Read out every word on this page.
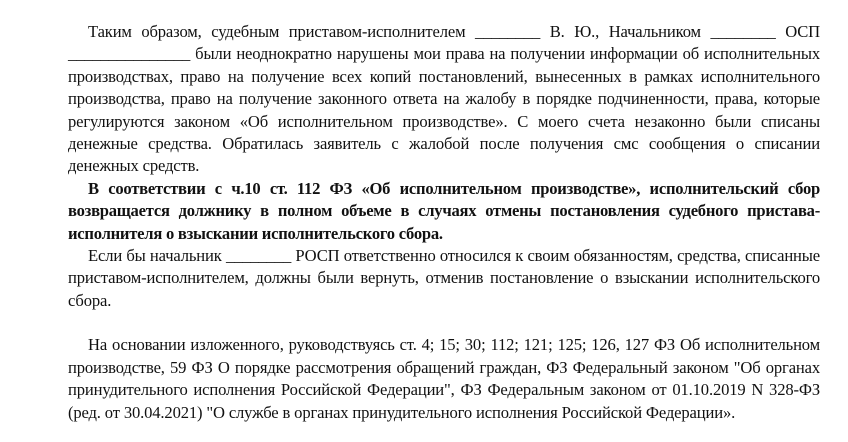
Таким образом, судебным приставом-исполнителем ________ В. Ю., Начальником ________ ОСП _______________ были неоднократно нарушены мои права на получении информации об исполнительных производствах, право на получение всех копий постановлений, вынесенных в рамках исполнительного производства, право на получение законного ответа на жалобу в порядке подчиненности, права, которые регулируются законом «Об исполнительном производстве». С моего счета незаконно были списаны денежные средства. Обратилась заявитель с жалобой после получения смс сообщения о списании денежных средств.

В соответствии с ч.10 ст. 112 ФЗ «Об исполнительном производстве», исполнительский сбор возвращается должнику в полном объеме в случаях отмены постановления судебного пристава-исполнителя о взыскании исполнительского сбора.

Если бы начальник ________ РОСП ответственно относился к своим обязанностям, средства, списанные приставом-исполнителем, должны были вернуть, отменив постановление о взыскании исполнительского сбора.

На основании изложенного, руководствуясь ст. 4; 15; 30; 112; 121; 125; 126, 127 ФЗ Об исполнительном производстве, 59 ФЗ О порядке рассмотрения обращений граждан, ФЗ Федеральный законом "Об органах принудительного исполнения Российской Федерации", ФЗ Федеральным законом от 01.10.2019 N 328-ФЗ (ред. от 30.04.2021) "О службе в органах принудительного исполнения Российской Федерации».
